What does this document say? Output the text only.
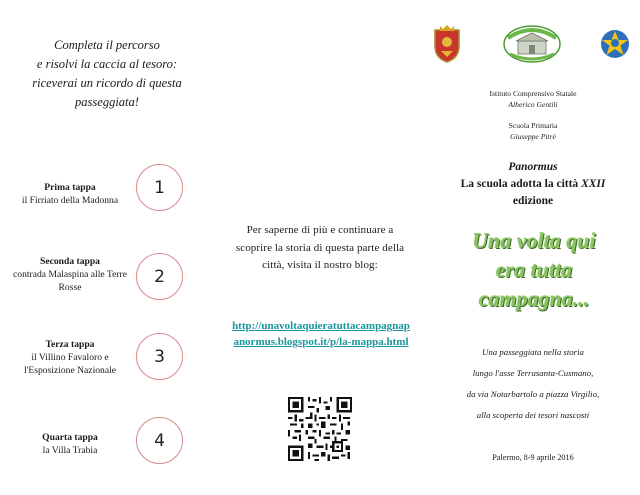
Completa il percorso
e risolvi la caccia al tesoro:
riceverai un ricordo di questa
passeggiata!
Prima tappa
il Firriato della Madonna
1
Seconda tappa
contrada Malaspina alle Terre Rosse
2
Terza tappa
il Villino Favaloro e l'Esposizione Nazionale
3
Quarta tappa
la Villa Trabia	4
Per saperne di più e continuare a scoprire la storia di questa parte della città, visita il nostro blog:
http://unavoltaquieratuttacampagnapanormus.blogspot.it/p/la-mappa.html
Istituto Comprensivo Statale
Alberico Gentili
Scuola Primaria
Giuseppe Pitrè
Panormus
La scuola adotta la città XXII
edizione
Una volta qui
era tutta
campagna...
Una passeggiata nella storia
lungo l'asse Terrasanta-Cusmano,
da via Notarbartolo a piazza Virgilio,
alla scoperta dei tesori nascosti
Palermo, 8-9 aprile 2016
